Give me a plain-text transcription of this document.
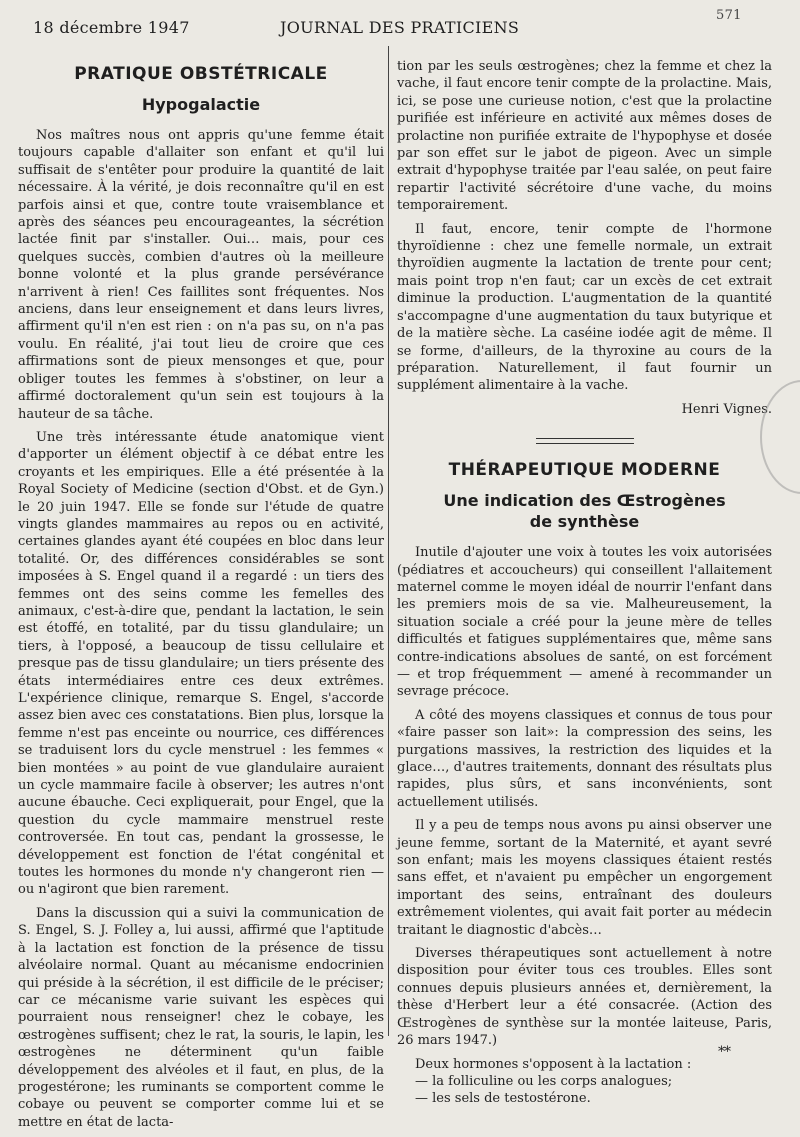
18 décembre 1947	JOURNAL DES PRATICIENS
571
PRATIQUE OBSTÉTRICALE
Hypogalactie

Nos maîtres nous ont appris qu'une femme était toujours capable d'allaiter son enfant et qu'il lui suffisait de s'entêter pour produire la quantité de lait nécessaire. À la vérité, je dois reconnaître qu'il en est parfois ainsi et que, contre toute vraisemblance et après des séances peu encourageantes, la sécrétion lactée finit par s'installer. Oui… mais, pour ces quelques succès, combien d'autres où la meilleure bonne volonté et la plus grande persévérance n'arrivent à rien! Ces faillites sont fréquentes. Nos anciens, dans leur enseignement et dans leurs livres, affirment qu'il n'en est rien : on n'a pas su, on n'a pas voulu. En réalité, j'ai tout lieu de croire que ces affirmations sont de pieux mensonges et que, pour obliger toutes les femmes à s'obstiner, on leur a affirmé doctoralement qu'un sein est toujours à la hauteur de sa tâche.

Une très intéressante étude anatomique vient d'apporter un élément objectif à ce débat entre les croyants et les empiriques. Elle a été présentée à la Royal Society of Medicine (section d'Obst. et de Gyn.) le 20 juin 1947. Elle se fonde sur l'étude de quatre vingts glandes mammaires au repos ou en activité, certaines glandes ayant été coupées en bloc dans leur totalité. Or, des différences considérables se sont imposées à S. Engel quand il a regardé : un tiers des femmes ont des seins comme les femelles des animaux, c'est-à-dire que, pendant la lactation, le sein est étoffé, en totalité, par du tissu glandulaire; un tiers, à l'opposé, a beaucoup de tissu cellulaire et presque pas de tissu glandulaire; un tiers présente des états intermédiaires entre ces deux extrêmes. L'expérience clinique, remarque S. Engel, s'accorde assez bien avec ces constatations. Bien plus, lorsque la femme n'est pas enceinte ou nourrice, ces différences se traduisent lors du cycle menstruel : les femmes « bien montées » au point de vue glandulaire auraient un cycle mammaire facile à observer; les autres n'ont aucune ébauche. Ceci expliquerait, pour Engel, que la question du cycle mammaire menstruel reste controversée. En tout cas, pendant la grossesse, le développement est fonction de l'état congénital et toutes les hormones du monde n'y changeront rien — ou n'agiront que bien rarement.

Dans la discussion qui a suivi la communication de S. Engel, S. J. Folley a, lui aussi, affirmé que l'aptitude à la lactation est fonction de la présence de tissu alvéolaire normal. Quant au mécanisme endocrinien qui préside à la sécrétion, il est difficile de le préciser; car ce mécanisme varie suivant les espèces qui pourraient nous renseigner! chez le cobaye, les œstrogènes suffisent; chez le rat, la souris, le lapin, les œstrogènes ne déterminent qu'un faible développement des alvéoles et il faut, en plus, de la progestérone; les ruminants se comportent comme le cobaye ou peuvent se comporter comme lui et se mettre en état de lacta-

tion par les seuls œstrogènes; chez la femme et chez la vache, il faut encore tenir compte de la prolactine. Mais, ici, se pose une curieuse notion, c'est que la prolactine purifiée est inférieure en activité aux mêmes doses de prolactine non purifiée extraite de l'hypophyse et dosée par son effet sur le jabot de pigeon. Avec un simple extrait d'hypophyse traitée par l'eau salée, on peut faire repartir l'activité sécrétoire d'une vache, du moins temporairement.

Il faut, encore, tenir compte de l'hormone thyroïdienne : chez une femelle normale, un extrait thyroïdien augmente la lactation de trente pour cent; mais point trop n'en faut; car un excès de cet extrait diminue la production. L'augmentation de la quantité s'accompagne d'une augmentation du taux butyrique et de la matière sèche. La caséine iodée agit de même. Il se forme, d'ailleurs, de la thyroxine au cours de la préparation. Naturellement, il faut fournir un supplément alimentaire à la vache.

Henri Vignes.

THÉRAPEUTIQUE MODERNE
Une indication des Œstrogènes
de synthèse

Inutile d'ajouter une voix à toutes les voix autorisées (pédiatres et accoucheurs) qui conseillent l'allaitement maternel comme le moyen idéal de nourrir l'enfant dans les premiers mois de sa vie. Malheureusement, la situation sociale a créé pour la jeune mère de telles difficultés et fatigues supplémentaires que, même sans contre-indications absolues de santé, on est forcément — et trop fréquemment — amené à recommander un sevrage précoce.

A côté des moyens classiques et connus de tous pour «faire passer son lait»: la compression des seins, les purgations massives, la restriction des liquides et la glace…, d'autres traitements, donnant des résultats plus rapides, plus sûrs, et sans inconvénients, sont actuellement utilisés.

Il y a peu de temps nous avons pu ainsi observer une jeune femme, sortant de la Maternité, et ayant sevré son enfant; mais les moyens classiques étaient restés sans effet, et n'avaient pu empêcher un engorgement important des seins, entraînant des douleurs extrêmement violentes, qui avait fait porter au médecin traitant le diagnostic d'abcès…

Diverses thérapeutiques sont actuellement à notre disposition pour éviter tous ces troubles. Elles sont connues depuis plusieurs années et, dernièrement, la thèse d'Herbert leur a été consacrée. (Action des Œstrogènes de synthèse sur la montée laiteuse, Paris, 26 mars 1947.)

Deux hormones s'opposent à la lactation :

— la folliculine ou les corps analogues;

— les sels de testostérone.

**
